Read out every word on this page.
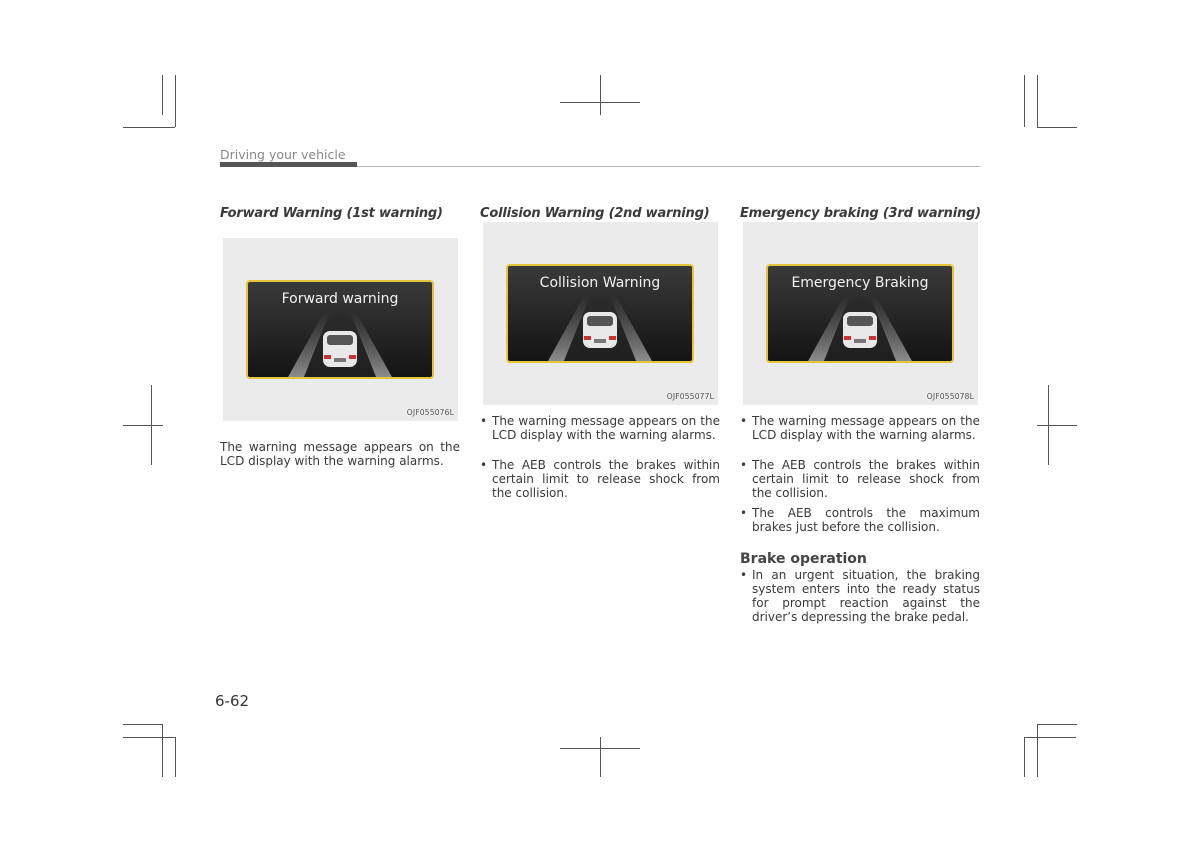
Driving your vehicle
Forward Warning (1st warning)
Forward warning
OJF055076L
The warning message appears on the LCD display with the warning alarms.
Collision Warning (2nd warning)
Collision Warning
OJF055077L
• The warning message appears on the LCD display with the warning alarms.
• The AEB controls the brakes within certain limit to release shock from the collision.
Emergency braking (3rd warning)
Emergency Braking
OJF055078L
• The warning message appears on the LCD display with the warning alarms.
• The AEB controls the brakes within certain limit to release shock from the collision.
• The AEB controls the maximum brakes just before the collision.
Brake operation
• In an urgent situation, the braking system enters into the ready status for prompt reaction against the driver’s depressing the brake pedal.
6-62
